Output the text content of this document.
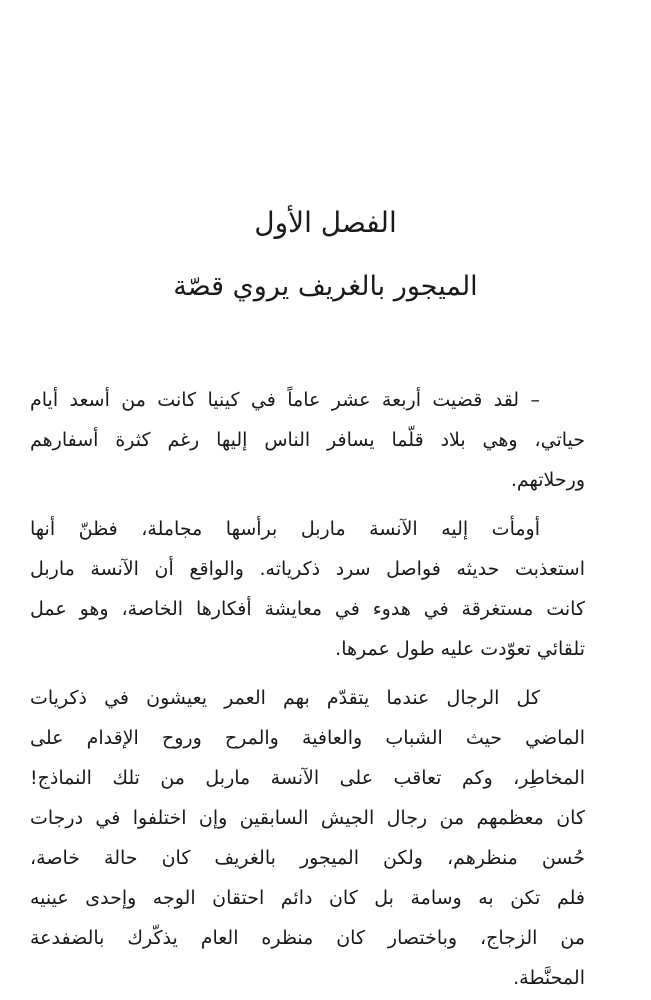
الفصل الأول
الميجور بالغريف يروي قصّة
– لقد قضيت أربعة عشر عاماً في كينيا كانت من أسعد أيام
حياتي، وهي بلاد قلّما يسافر الناس إليها رغم كثرة أسفارهم
ورحلاتهم.
أومأت إليه الآنسة ماربل برأسها مجاملة، فظنّ أنها
استعذبت حديثه فواصل سرد ذكرياته. والواقع أن الآنسة ماربل
كانت مستغرقة في هدوء في معايشة أفكارها الخاصة، وهو عمل
تلقائي تعوّدت عليه طول عمرها.
كل الرجال عندما يتقدّم بهم العمر يعيشون في ذكريات
الماضي حيث الشباب والعافية والمرح وروح الإقدام على
المخاطِر، وكم تعاقب على الآنسة ماربل من تلك النماذج!
كان معظمهم من رجال الجيش السابقين وإن اختلفوا في درجات
حُسن منظرهم، ولكن الميجور بالغريف كان حالة خاصة،
فلم تكن به وسامة بل كان دائم احتقان الوجه وإحدى عينيه
من الزجاج، وباختصار كان منظره العام يذكّرك بالضفدعة
المحنَّطة.
